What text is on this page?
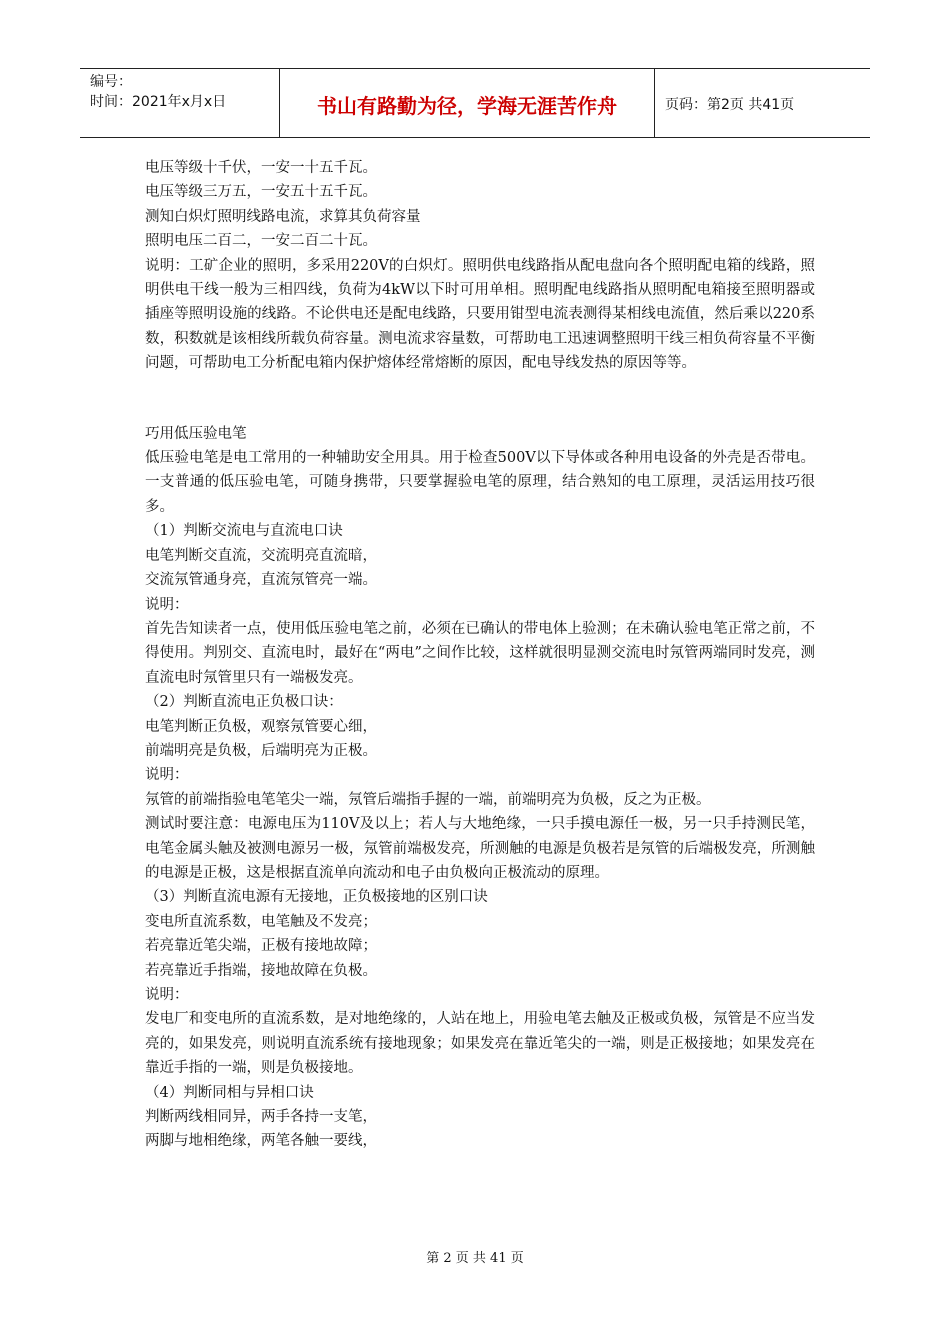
编号：
时间：2021年x月x日	书山有路勤为径，学海无涯苦作舟	页码：第2页 共41页

电压等级十千伏，一安一十五千瓦。

电压等级三万五，一安五十五千瓦。

测知白炽灯照明线路电流，求算其负荷容量

照明电压二百二，一安二百二十瓦。

说明：工矿企业的照明，多采用220V的白炽灯。照明供电线路指从配电盘向各个照明配电箱的线路，照明供电干线一般为三相四线，负荷为4kW以下时可用单相。照明配电线路指从照明配电箱接至照明器或插座等照明设施的线路。不论供电还是配电线路，只要用钳型电流表测得某相线电流值，然后乘以220系数，积数就是该相线所载负荷容量。测电流求容量数，可帮助电工迅速调整照明干线三相负荷容量不平衡问题，可帮助电工分析配电箱内保护熔体经常熔断的原因，配电导线发热的原因等等。

巧用低压验电笔

低压验电笔是电工常用的一种辅助安全用具。用于检查500V以下导体或各种用电设备的外壳是否带电。一支普通的低压验电笔，可随身携带，只要掌握验电笔的原理，结合熟知的电工原理，灵活运用技巧很多。

（1）判断交流电与直流电口诀

电笔判断交直流，交流明亮直流暗，

交流氖管通身亮，直流氖管亮一端。

说明：

首先告知读者一点，使用低压验电笔之前，必须在已确认的带电体上验测；在未确认验电笔正常之前，不得使用。判别交、直流电时，最好在“两电”之间作比较，这样就很明显测交流电时氖管两端同时发亮，测直流电时氖管里只有一端极发亮。

（2）判断直流电正负极口诀：

电笔判断正负极，观察氖管要心细，

前端明亮是负极，后端明亮为正极。

说明：

氖管的前端指验电笔笔尖一端，氖管后端指手握的一端，前端明亮为负极，反之为正极。

测试时要注意：电源电压为110V及以上；若人与大地绝缘，一只手摸电源任一极，另一只手持测民笔，电笔金属头触及被测电源另一极，氖管前端极发亮，所测触的电源是负极若是氖管的后端极发亮，所测触的电源是正极，这是根据直流单向流动和电子由负极向正极流动的原理。

（3）判断直流电源有无接地，正负极接地的区别口诀

变电所直流系数，电笔触及不发亮；

若亮靠近笔尖端，正极有接地故障；

若亮靠近手指端，接地故障在负极。

说明：

发电厂和变电所的直流系数，是对地绝缘的，人站在地上，用验电笔去触及正极或负极，氖管是不应当发亮的，如果发亮，则说明直流系统有接地现象；如果发亮在靠近笔尖的一端，则是正极接地；如果发亮在靠近手指的一端，则是负极接地。

（4）判断同相与异相口诀

判断两线相同异，两手各持一支笔，

两脚与地相绝缘，两笔各触一要线，

第 2 页 共 41 页
